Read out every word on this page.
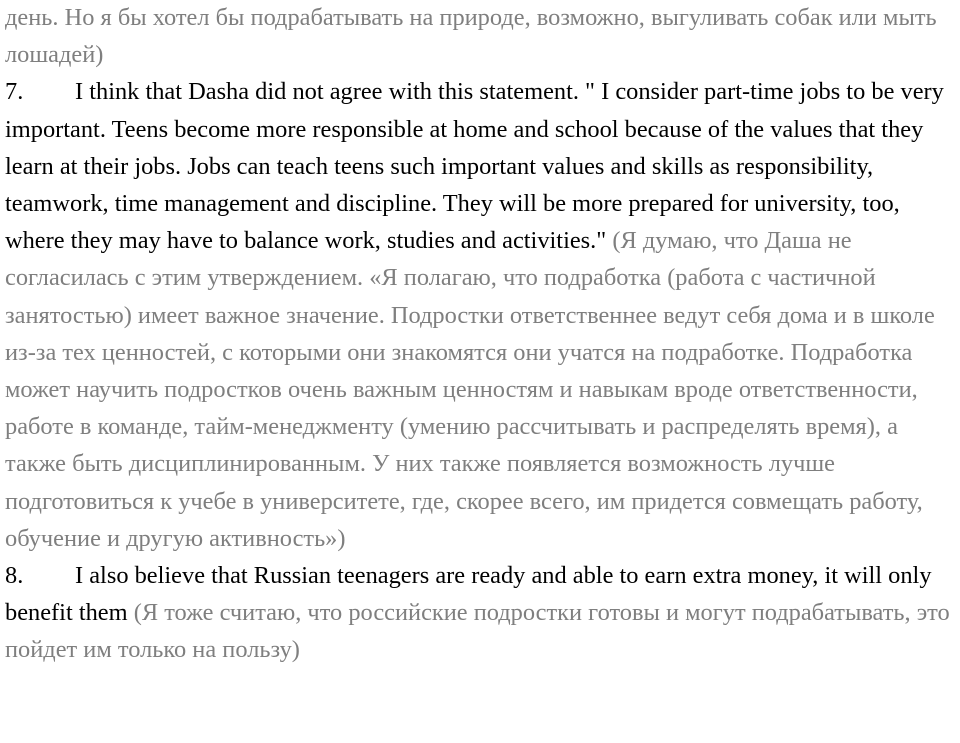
день. Но я бы хотел бы подрабатывать на природе, возможно, выгуливать собак или мыть лошадей)

7. I think that Dasha did not agree with this statement. " I consider part-time jobs to be very important. Teens become more responsible at home and school because of the values that they learn at their jobs. Jobs can teach teens such important values and skills as responsibility, teamwork, time management and discipline. They will be more prepared for university, too, where they may have to balance work, studies and activities." (Я думаю, что Даша не согласилась с этим утверждением. «Я полагаю, что подработка (работа с частичной занятостью) имеет важное значение. Подростки ответственнее ведут себя дома и в школе из-за тех ценностей, с которыми они знакомятся они учатся на подработке. Подработка может научить подростков очень важным ценностям и навыкам вроде ответственности, работе в команде, тайм-менеджменту (умению рассчитывать и распределять время), а также быть дисциплинированным. У них также появляется возможность лучше подготовиться к учебе в университете, где, скорее всего, им придется совмещать работу, обучение и другую активность»)

8. I also believe that Russian teenagers are ready and able to earn extra money, it will only benefit them (Я тоже считаю, что российские подростки готовы и могут подрабатывать, это пойдет им только на пользу)
